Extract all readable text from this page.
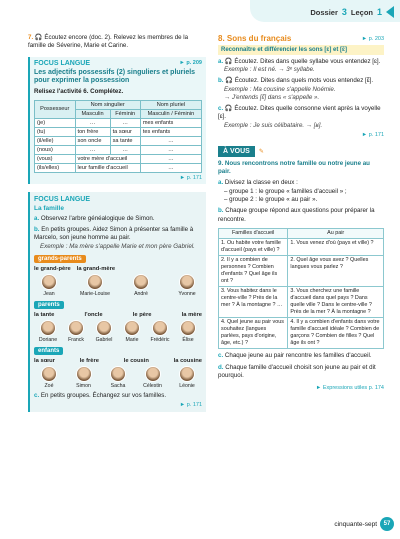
Dossier 3 Leçon 1

7. 🎧 Écoutez encore (doc. 2). Relevez les membres de la famille de Séverine, Marie et Carine.

FOCUS LANGUE	► p. 209
Les adjectifs possessifs (2) singuliers et pluriels pour exprimer la possession

Relisez l'activité 6. Complétez.

Possesseur	Nom singulier		Nom pluriel
	Masculin	Féminin	Masculin / Féminin
(je)	…	…	mes enfants
(tu)	ton frère	ta sœur	tes enfants
(il/elle)	son oncle	sa tante	…
(nous)	…	…	…
(vous)	votre mère d'accueil		…
(ils/elles)	leur famille d'accueil		…
► p. 171
FOCUS LANGUE
La famille

a. Observez l'arbre généalogique de Simon.

b. En petits groupes. Aidez Simon à présenter sa famille à Marcelo, son jeune homme au pair.

Exemple : Ma mère s'appelle Marie et mon père Gabriel.

grands-parents
le grand-père la grand-mère
Jean	Marie-Louise	André	Yvonne
parents
la tante	l'oncle	le père	la mère
Doriane Franck Gabriel	Marie Frédéric Élise
enfants
la sœur	le frère	le cousin	la cousine
Zoé	Simon	Sacha	Célestin	Léonie

c. En petits groupes. Échangez sur vos familles.

► p. 171
8. Sons du français	► p. 203
Reconnaître et différencier les sons [ɛ] et [ɛ̃]

a. 🎧 Écoutez. Dites dans quelle syllabe vous entendez [ɛ].

Exemple : Il est né. → 3ᵉ syllabe.

b. 🎧 Écoutez. Dites dans quels mots vous entendez [ɛ̃].

Exemple : Ma cousine s'appelle Noémie.

→ J'entends [ɛ̃] dans « s'appelle ».

c. 🎧 Écoutez. Dites quelle consonne vient après la voyelle [ɛ].

Exemple : Je suis célibataire. → [ʁ].

► p. 171
À VOUS	✎

9. Nous rencontrons notre famille ou notre jeune au pair.

a. Divisez la classe en deux :

– groupe 1 : le groupe « familles d'accueil » ;

– groupe 2 : le groupe « au pair ».

b. Chaque groupe répond aux questions pour préparer la rencontre.

Familles d'accueil	Au pair
1. Ou habite votre famille d'accueil (pays et ville) ?	1. Vous venez d'où (pays et ville) ?
2. Il y a combien de personnes ? Combien d'enfants ? Quel âge ils ont ?	2. Quel âge vous avez ? Quelles langues vous parlez ?
3. Vous habitez dans le centre-ville ? Près de la mer ? À la montagne ? …	3. Vous cherchez une famille d'accueil dans quel pays ? Dans quelle ville ? Dans le centre-ville ? Près de la mer ? À la montagne ?
4. Quel jeune au pair vous souhaitez (langues parlées, pays d'origine, âge, etc.) ?	4. Il y a combien d'enfants dans votre famille d'accueil idéale ? Combien de garçons ? Combien de filles ? Quel âge ils ont ?

c. Chaque jeune au pair rencontre les familles d'accueil.

d. Chaque famille d'accueil choisit son jeune au pair et dit pourquoi.

► Expressions utiles p. 174
cinquante-sept	57
